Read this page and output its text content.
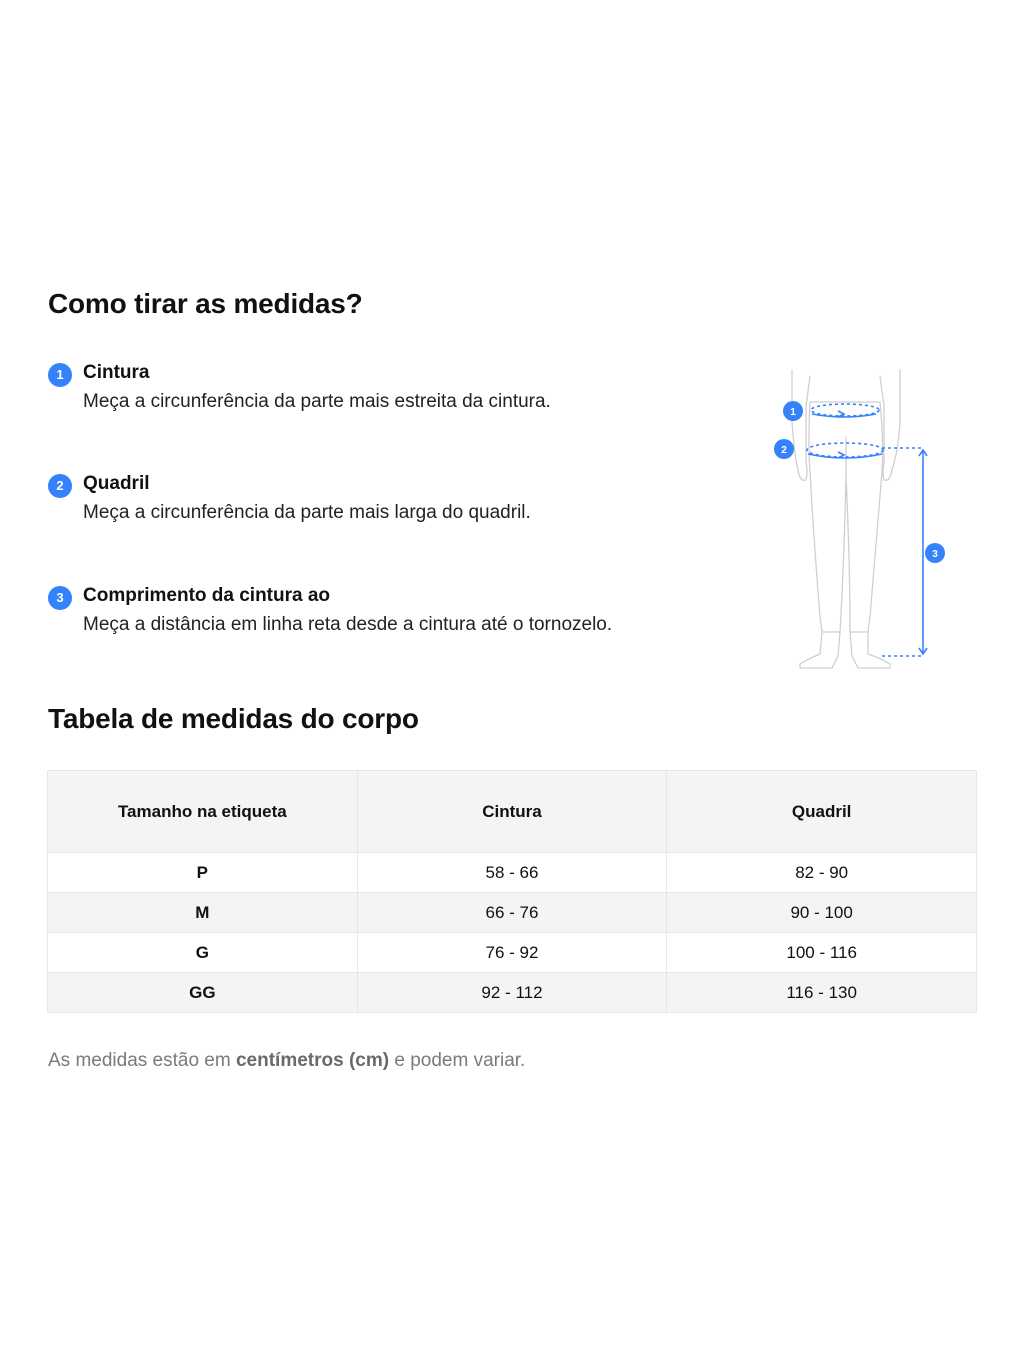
Como tirar as medidas?
1	Cintura
Meça a circunferência da parte mais estreita da cintura.
2	Quadril
Meça a circunferência da parte mais larga do quadril.
3	Comprimento da cintura ao
Meça a distância em linha reta desde a cintura até o tornozelo.
1
2
3
Tabela de medidas do corpo
Tamanho na etiqueta	Cintura	Quadril
P	58 - 66	82 - 90
M	66 - 76	90 - 100
G	76 - 92	100 - 116
GG	92 - 112	116 - 130

As medidas estão em centímetros (cm) e podem variar.
